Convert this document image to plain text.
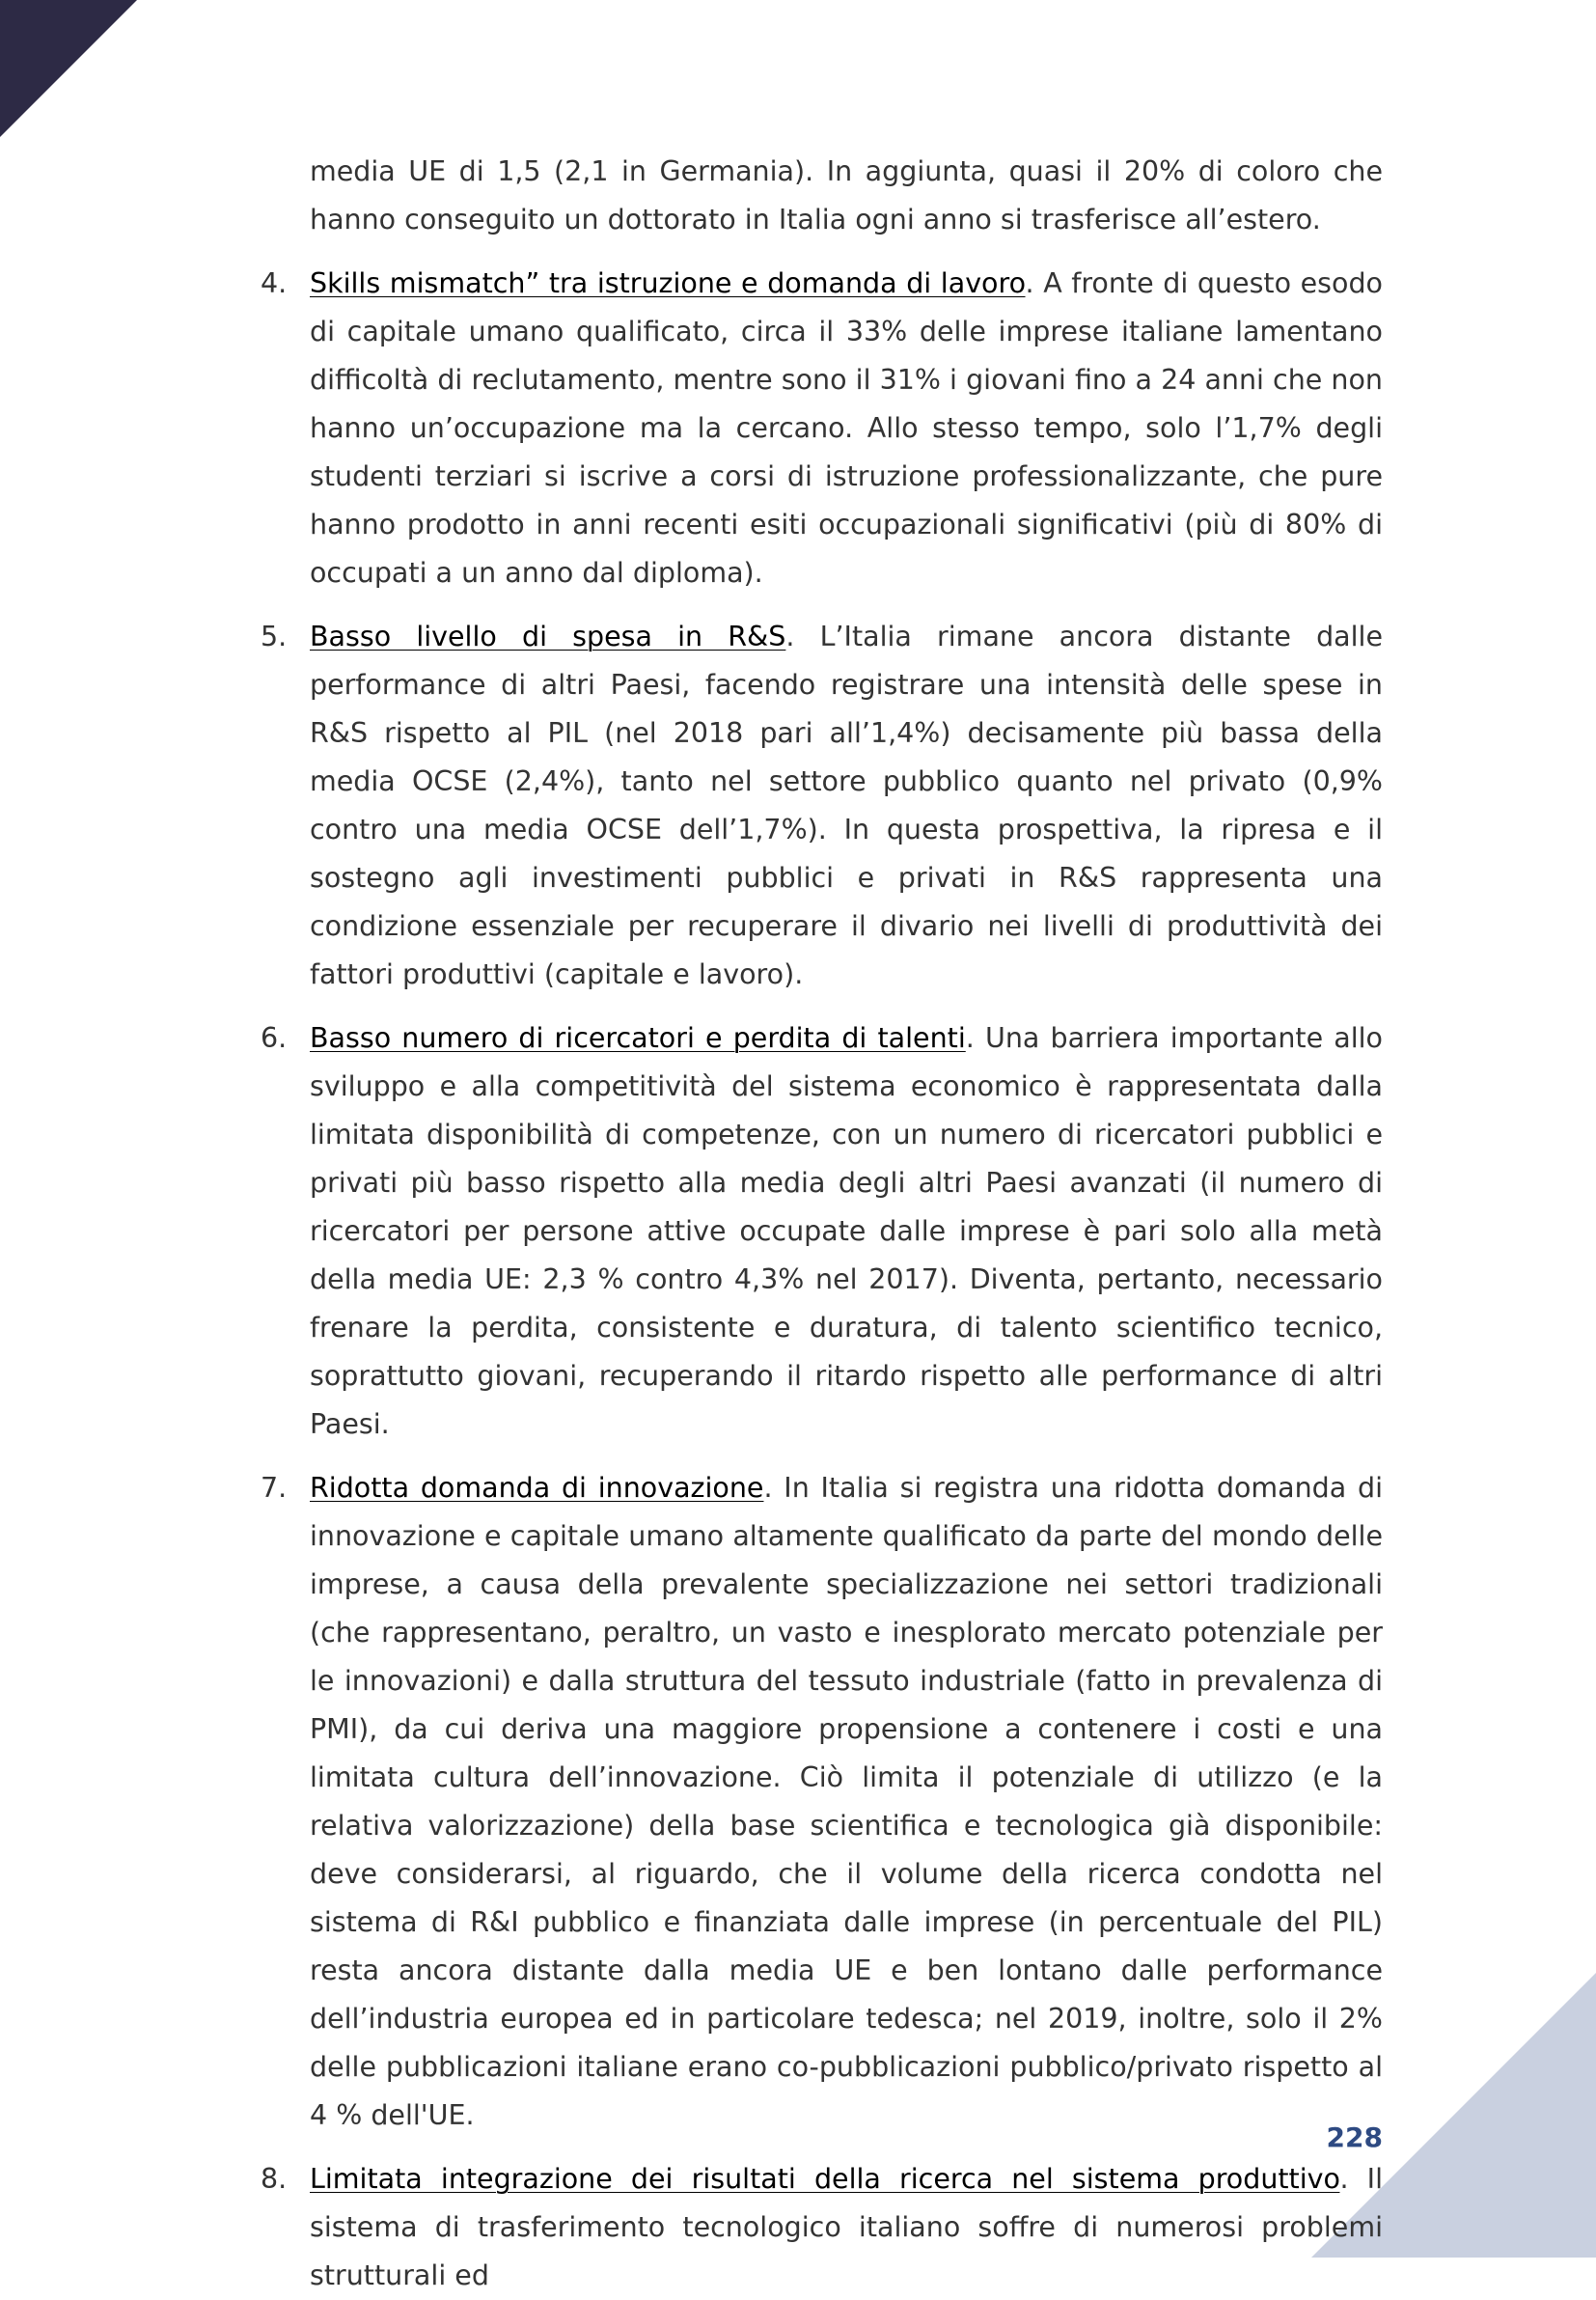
media UE di 1,5 (2,1 in Germania). In aggiunta, quasi il 20% di coloro che hanno conseguito un dottorato in Italia ogni anno si trasferisce all’estero.

4. Skills mismatch” tra istruzione e domanda di lavoro. A fronte di questo esodo di capitale umano qualificato, circa il 33% delle imprese italiane lamentano difficoltà di reclutamento, mentre sono il 31% i giovani fino a 24 anni che non hanno un’occupazione ma la cercano. Allo stesso tempo, solo l’1,7% degli studenti terziari si iscrive a corsi di istruzione professionalizzante, che pure hanno prodotto in anni recenti esiti occupazionali significativi (più di 80% di occupati a un anno dal diploma).
5. Basso livello di spesa in R&S. L’Italia rimane ancora distante dalle performance di altri Paesi, facendo registrare una intensità delle spese in R&S rispetto al PIL (nel 2018 pari all’1,4%) decisamente più bassa della media OCSE (2,4%), tanto nel settore pubblico quanto nel privato (0,9% contro una media OCSE dell’1,7%). In questa prospettiva, la ripresa e il sostegno agli investimenti pubblici e privati in R&S rappresenta una condizione essenziale per recuperare il divario nei livelli di produttività dei fattori produttivi (capitale e lavoro).
6. Basso numero di ricercatori e perdita di talenti. Una barriera importante allo sviluppo e alla competitività del sistema economico è rappresentata dalla limitata disponibilità di competenze, con un numero di ricercatori pubblici e privati più basso rispetto alla media degli altri Paesi avanzati (il numero di ricercatori per persone attive occupate dalle imprese è pari solo alla metà della media UE: 2,3 % contro 4,3% nel 2017). Diventa, pertanto, necessario frenare la perdita, consistente e duratura, di talento scientifico tecnico, soprattutto giovani, recuperando il ritardo rispetto alle performance di altri Paesi.
7. Ridotta domanda di innovazione. In Italia si registra una ridotta domanda di innovazione e capitale umano altamente qualificato da parte del mondo delle imprese, a causa della prevalente specializzazione nei settori tradizionali (che rappresentano, peraltro, un vasto e inesplorato mercato potenziale per le innovazioni) e dalla struttura del tessuto industriale (fatto in prevalenza di PMI), da cui deriva una maggiore propensione a contenere i costi e una limitata cultura dell’innovazione. Ciò limita il potenziale di utilizzo (e la relativa valorizzazione) della base scientifica e tecnologica già disponibile: deve considerarsi, al riguardo, che il volume della ricerca condotta nel sistema di R&I pubblico e finanziata dalle imprese (in percentuale del PIL) resta ancora distante dalla media UE e ben lontano dalle performance dell’industria europea ed in particolare tedesca; nel 2019, inoltre, solo il 2% delle pubblicazioni italiane erano co-pubblicazioni pubblico/privato rispetto al 4 % dell'UE.
8. Limitata integrazione dei risultati della ricerca nel sistema produttivo. Il sistema di trasferimento tecnologico italiano soffre di numerosi problemi strutturali ed
228
